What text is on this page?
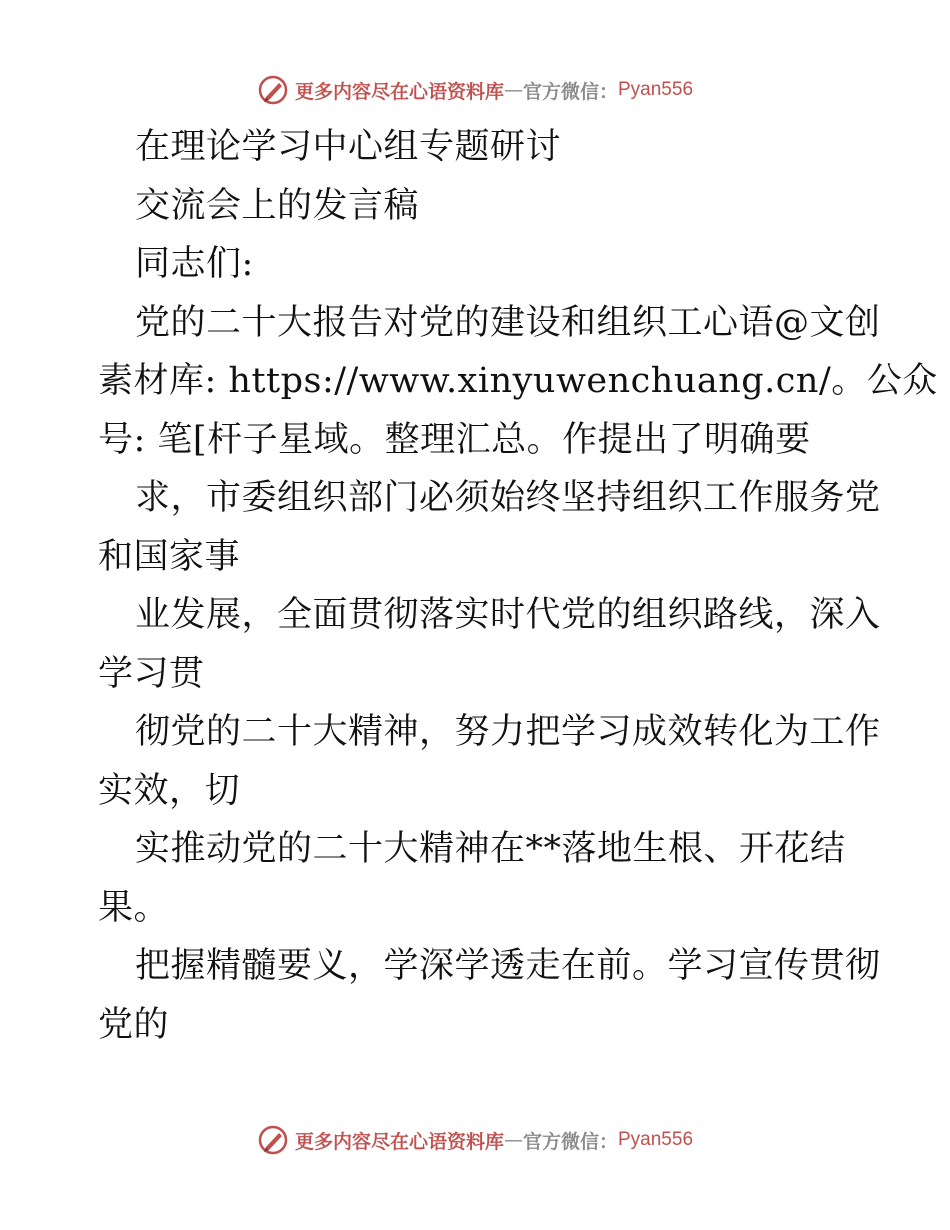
更多内容尽在心语资料库 — 官方微信： Pyan556
在理论学习中心组专题研讨
交流会上的发言稿
同志们:
党的二十大报告对党的建设和组织工心语@文创
素材库: https://www.xinyuwenchuang.cn/。公众
号: 笔[杆子星域。整理汇总。作提出了明确要
求，市委组织部门必须始终坚持组织工作服务党
和国家事
业发展，全面贯彻落实时代党的组织路线，深入
学习贯
彻党的二十大精神，努力把学习成效转化为工作
实效，切
实推动党的二十大精神在**落地生根、开花结
果。
把握精髓要义，学深学透走在前。学习宣传贯彻
党的
更多内容尽在心语资料库 — 官方微信： Pyan556
